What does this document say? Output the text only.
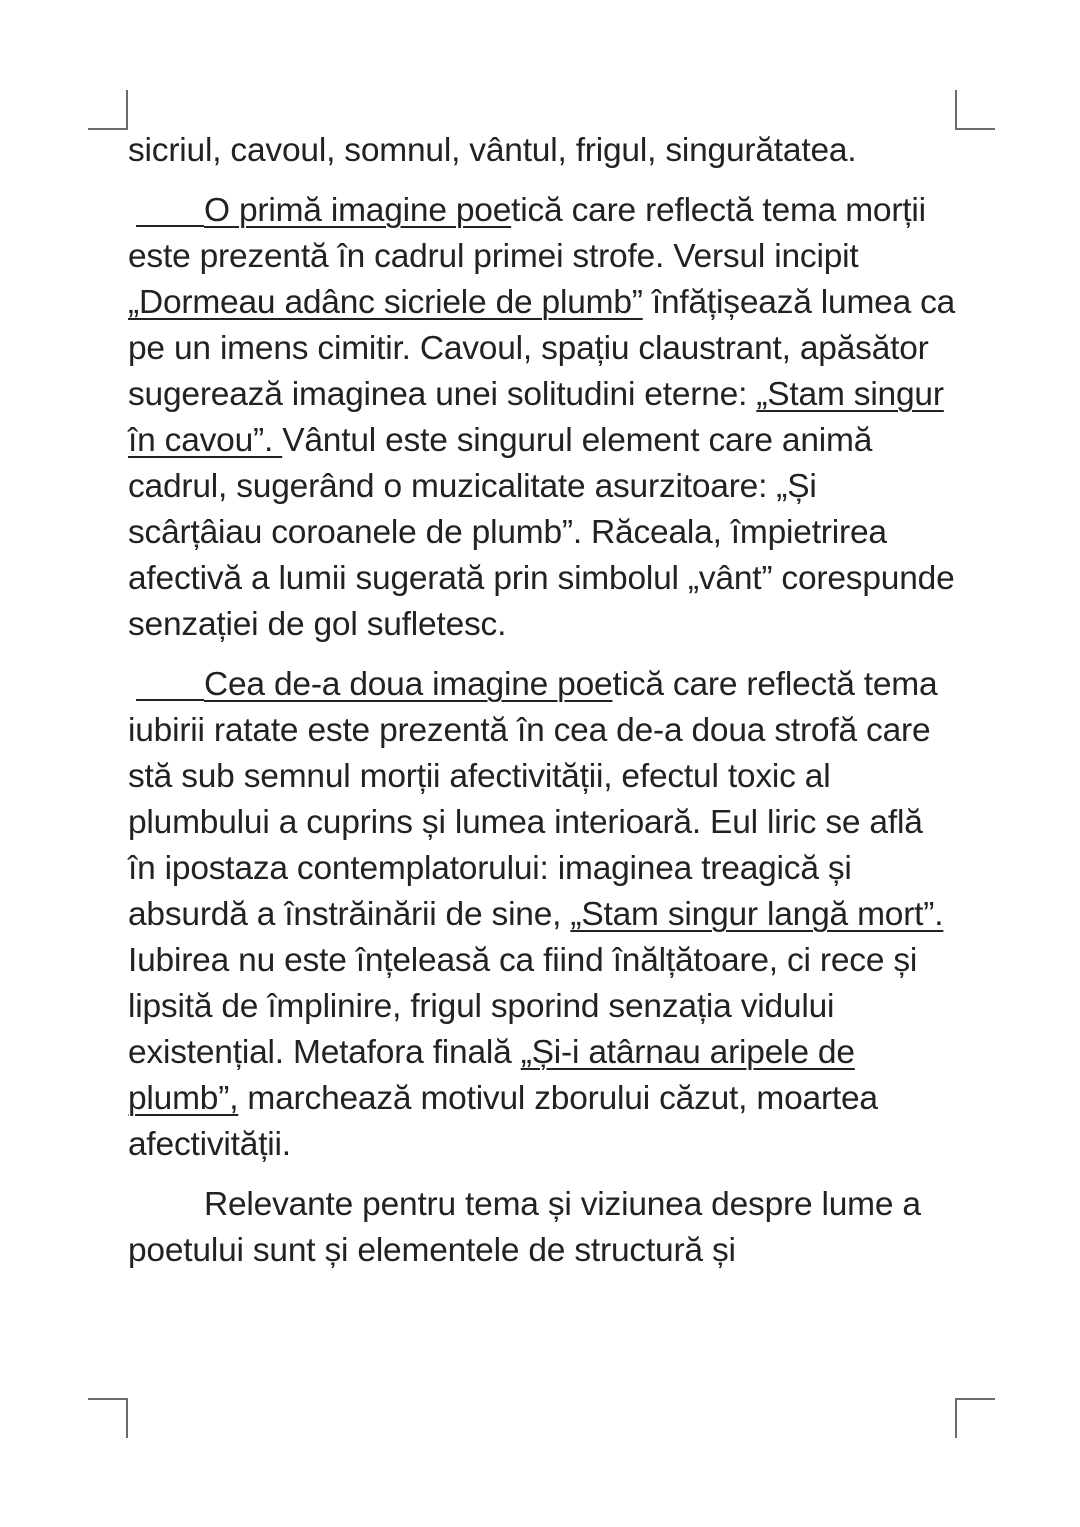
sicriul, cavoul, somnul, vântul, frigul, singurătatea.

O primă imagine poetică care reflectă tema morții este prezentă în cadrul primei strofe. Versul incipit „Dormeau adânc sicriele de plumb” înfățișează lumea ca pe un imens cimitir. Cavoul, spațiu claustrant, apăsător sugerează imaginea unei solitudini eterne: „Stam singur în cavou”. Vântul este singurul element care animă cadrul, sugerând o muzicalitate asurzitoare: „Și scârțâiau coroanele de plumb”. Răceala, împietrirea afectivă a lumii sugerată prin simbolul „vânt” corespunde senzației de gol sufletesc.

Cea de-a doua imagine poetică care reflectă tema iubirii ratate este prezentă în cea de-a doua strofă care stă sub semnul morții afectivității, efectul toxic al plumbului a cuprins și lumea interioară. Eul liric se află în ipostaza contemplatorului: imaginea treagică și absurdă a înstrăinării de sine, „Stam singur langă mort”. Iubirea nu este înțeleasă ca fiind înălțătoare, ci rece și lipsită de împlinire, frigul sporind senzația vidului existențial. Metafora finală „Și-i atârnau aripele de plumb”, marchează motivul zborului căzut, moartea afectivității.

Relevante pentru tema și viziunea despre lume a poetului sunt și elementele de structură și
